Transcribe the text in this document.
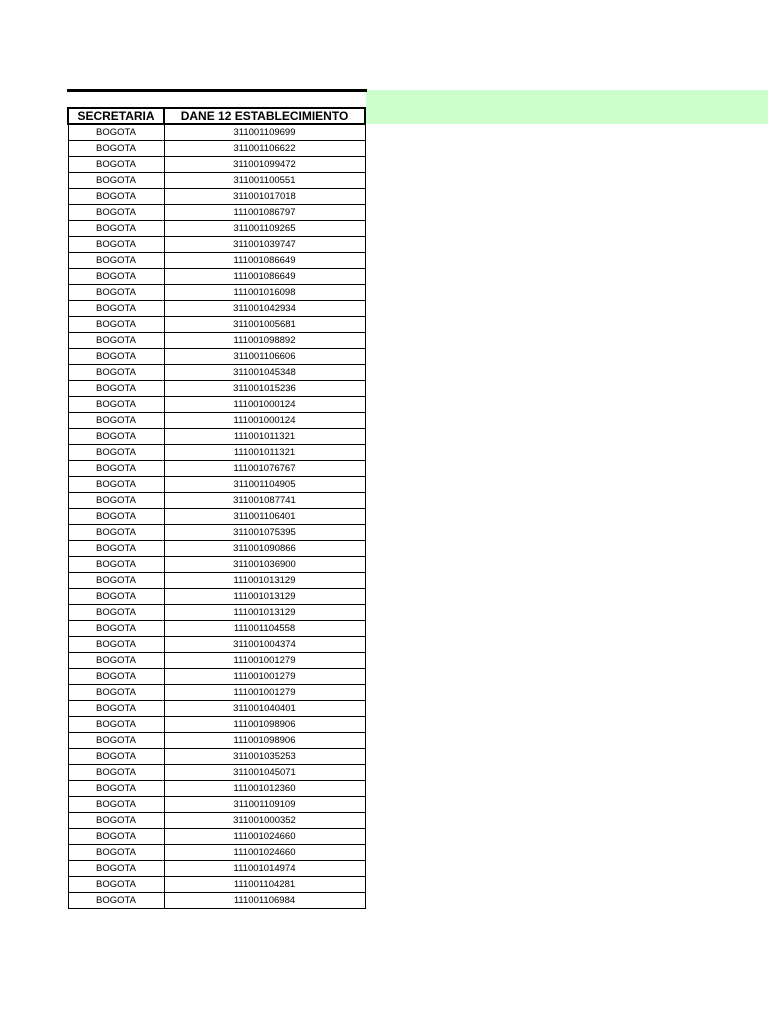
SECRETARIA	DANE 12 ESTABLECIMIENTO
BOGOTA	311001109699
BOGOTA	311001106622
BOGOTA	311001099472
BOGOTA	311001100551
BOGOTA	311001017018
BOGOTA	111001086797
BOGOTA	311001109265
BOGOTA	311001039747
BOGOTA	111001086649
BOGOTA	111001086649
BOGOTA	111001016098
BOGOTA	311001042934
BOGOTA	311001005681
BOGOTA	111001098892
BOGOTA	311001106606
BOGOTA	311001045348
BOGOTA	311001015236
BOGOTA	111001000124
BOGOTA	111001000124
BOGOTA	111001011321
BOGOTA	111001011321
BOGOTA	111001076767
BOGOTA	311001104905
BOGOTA	311001087741
BOGOTA	311001106401
BOGOTA	311001075395
BOGOTA	311001090866
BOGOTA	311001036900
BOGOTA	111001013129
BOGOTA	111001013129
BOGOTA	111001013129
BOGOTA	111001104558
BOGOTA	311001004374
BOGOTA	111001001279
BOGOTA	111001001279
BOGOTA	111001001279
BOGOTA	311001040401
BOGOTA	111001098906
BOGOTA	111001098906
BOGOTA	311001035253
BOGOTA	311001045071
BOGOTA	111001012360
BOGOTA	311001109109
BOGOTA	311001000352
BOGOTA	111001024660
BOGOTA	111001024660
BOGOTA	111001014974
BOGOTA	111001104281
BOGOTA	111001106984
